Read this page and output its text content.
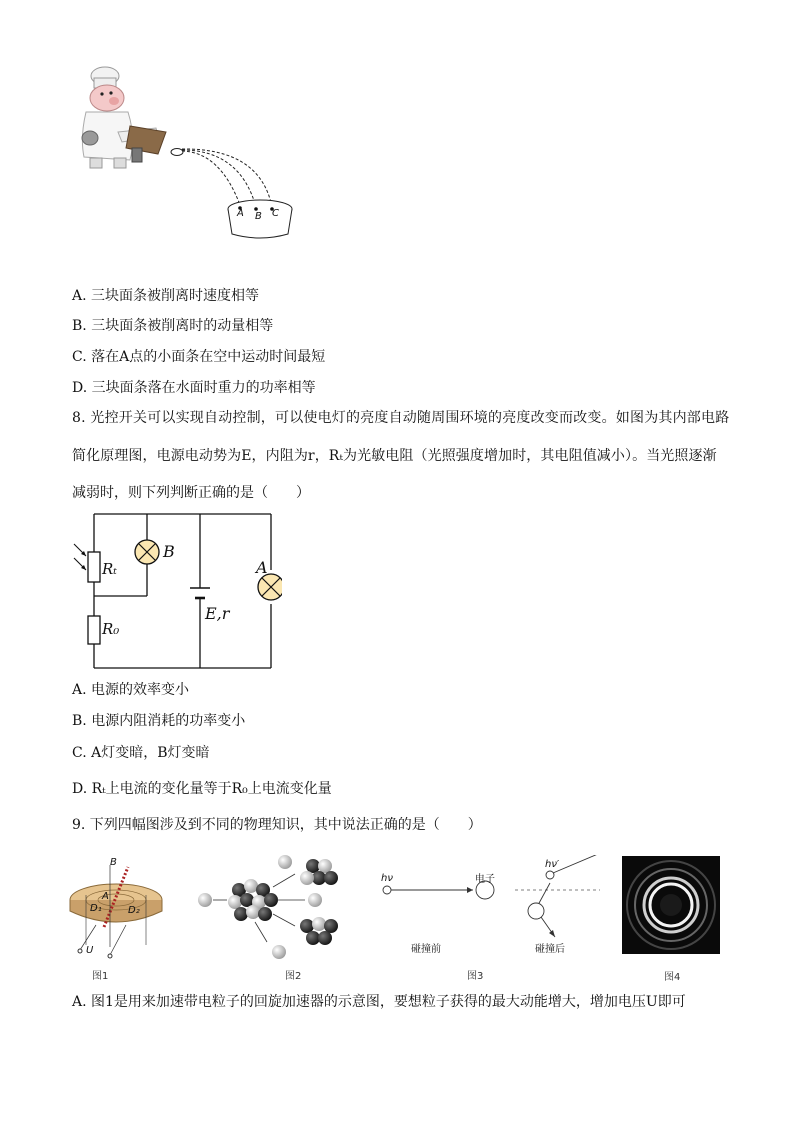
A B C
A. 三块面条被削离时速度相等
B. 三块面条被削离时的动量相等
C. 落在A点的小面条在空中运动时间最短
D. 三块面条落在水面时重力的功率相等
8. 光控开关可以实现自动控制，可以使电灯的亮度自动随周围环境的亮度改变而改变。如图为其内部电路
简化原理图，电源电动势为E，内阻为r，Rₜ为光敏电阻（光照强度增加时，其电阻值减小）。当光照逐渐
减弱时，则下列判断正确的是（　　）
Rₜ
R₀
B
A
E,r
A. 电源的效率变小
B. 电源内阻消耗的功率变小
C. A灯变暗，B灯变暗
D. Rₜ上电流的变化量等于R₀上电流变化量
9. 下列四幅图涉及到不同的物理知识，其中说法正确的是（　　）
B
A
D₁	D₂
U
图1	图2
hν	电子
碰撞前
hν′
碰撞后
图3	图4
A. 图1是用来加速带电粒子的回旋加速器的示意图，要想粒子获得的最大动能增大，增加电压U即可
